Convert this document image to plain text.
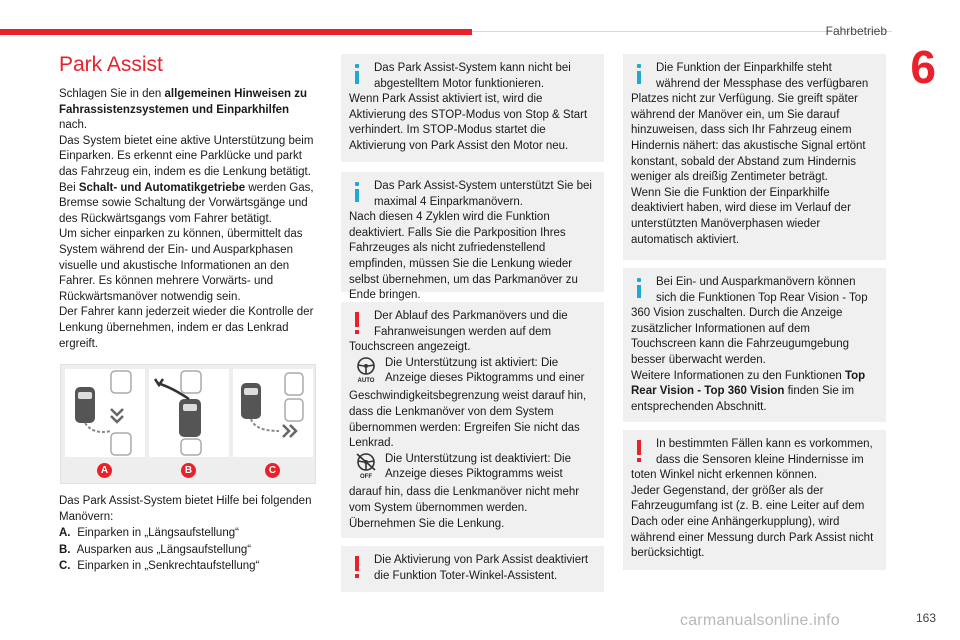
Fahrbetrieb
6
Park Assist

Schlagen Sie in den allgemeinen Hinweisen zu Fahrassistenzsystemen und Einparkhilfen nach.

Das System bietet eine aktive Unterstützung beim Einparken. Es erkennt eine Parklücke und parkt das Fahrzeug ein, indem es die Lenkung betätigt.

Bei Schalt- und Automatikgetriebe werden Gas, Bremse sowie Schaltung der Vorwärtsgänge und des Rückwärtsgangs vom Fahrer betätigt.

Um sicher einparken zu können, übermittelt das System während der Ein- und Ausparkphasen visuelle und akustische Informationen an den Fahrer. Es können mehrere Vorwärts- und Rückwärtsmanöver notwendig sein.

Der Fahrer kann jederzeit wieder die Kontrolle der Lenkung übernehmen, indem er das Lenkrad ergreift.

A	B	C
Das Park Assist-System bietet Hilfe bei folgenden Manövern:
A. Einparken in „Längsaufstellung“
B. Ausparken aus „Längsaufstellung“
C. Einparken in „Senkrechtaufstellung“
Das Park Assist-System kann nicht bei abgestelltem Motor funktionieren.
Wenn Park Assist aktiviert ist, wird die Aktivierung des STOP-Modus von Stop & Start verhindert. Im STOP-Modus startet die Aktivierung von Park Assist den Motor neu.
Das Park Assist-System unterstützt Sie bei maximal 4 Einparkmanövern.
Nach diesen 4 Zyklen wird die Funktion deaktiviert. Falls Sie die Parkposition Ihres Fahrzeuges als nicht zufriedenstellend empfinden, müssen Sie die Lenkung wieder selbst übernehmen, um das Parkmanöver zu Ende bringen.
Der Ablauf des Parkmanövers und die Fahranweisungen werden auf dem
Touchscreen angezeigt.
AUTO
Die Unterstützung ist aktiviert: Die Anzeige dieses Piktogramms und einer
Geschwindigkeitsbegrenzung weist darauf hin, dass die Lenkmanöver von dem System übernommen werden: Ergreifen Sie nicht das Lenkrad.
OFF
Die Unterstützung ist deaktiviert: Die Anzeige dieses Piktogramms weist
darauf hin, dass die Lenkmanöver nicht mehr vom System übernommen werden. Übernehmen Sie die Lenkung.
Die Aktivierung von Park Assist deaktiviert die Funktion Toter-Winkel-Assistent.
Die Funktion der Einparkhilfe steht während der Messphase des verfügbaren
Platzes nicht zur Verfügung. Sie greift später während der Manöver ein, um Sie darauf hinzuweisen, dass sich Ihr Fahrzeug einem Hindernis nähert: das akustische Signal ertönt konstant, sobald der Abstand zum Hindernis weniger als dreißig Zentimeter beträgt.
Wenn Sie die Funktion der Einparkhilfe deaktiviert haben, wird diese im Verlauf der unterstützten Manöverphasen wieder automatisch aktiviert.
Bei Ein- und Ausparkmanövern können sich die Funktionen Top Rear Vision - Top
360 Vision zuschalten. Durch die Anzeige zusätzlicher Informationen auf dem Touchscreen kann die Fahrzeugumgebung besser überwacht werden.
Weitere Informationen zu den Funktionen Top Rear Vision - Top 360 Vision finden Sie im entsprechenden Abschnitt.
In bestimmten Fällen kann es vorkommen, dass die Sensoren kleine Hindernisse im
toten Winkel nicht erkennen können.
Jeder Gegenstand, der größer als der Fahrzeugumfang ist (z. B. eine Leiter auf dem Dach oder eine Anhängerkupplung), wird während einer Messung durch Park Assist nicht berücksichtigt.
carmanualsonline.info	163
